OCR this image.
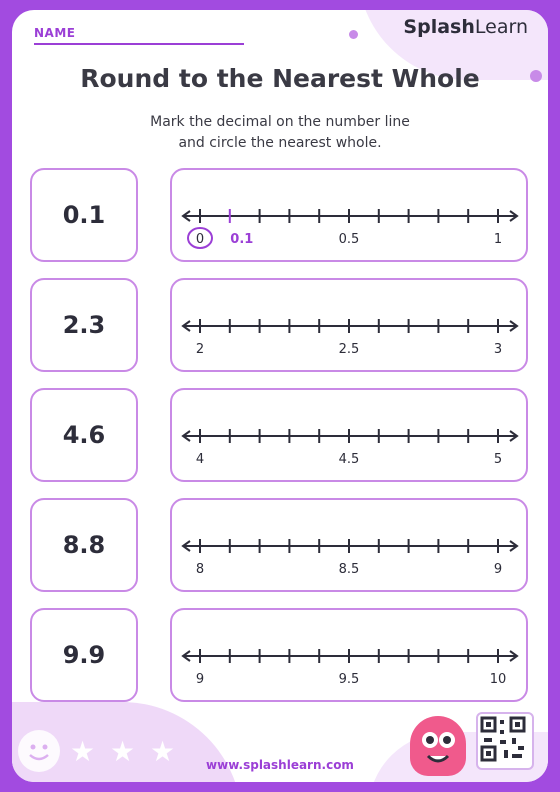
NAME	SplashLearn
Round to the Nearest Whole
Mark the decimal on the number line
and circle the nearest whole.
0.1
0	0.5	1
0.1
2.3
2	2.5	3
4.6
4	4.5	5
8.8
8	8.5	9
9.9
9	9.5	10
★ ★ ★	www.splashlearn.com
